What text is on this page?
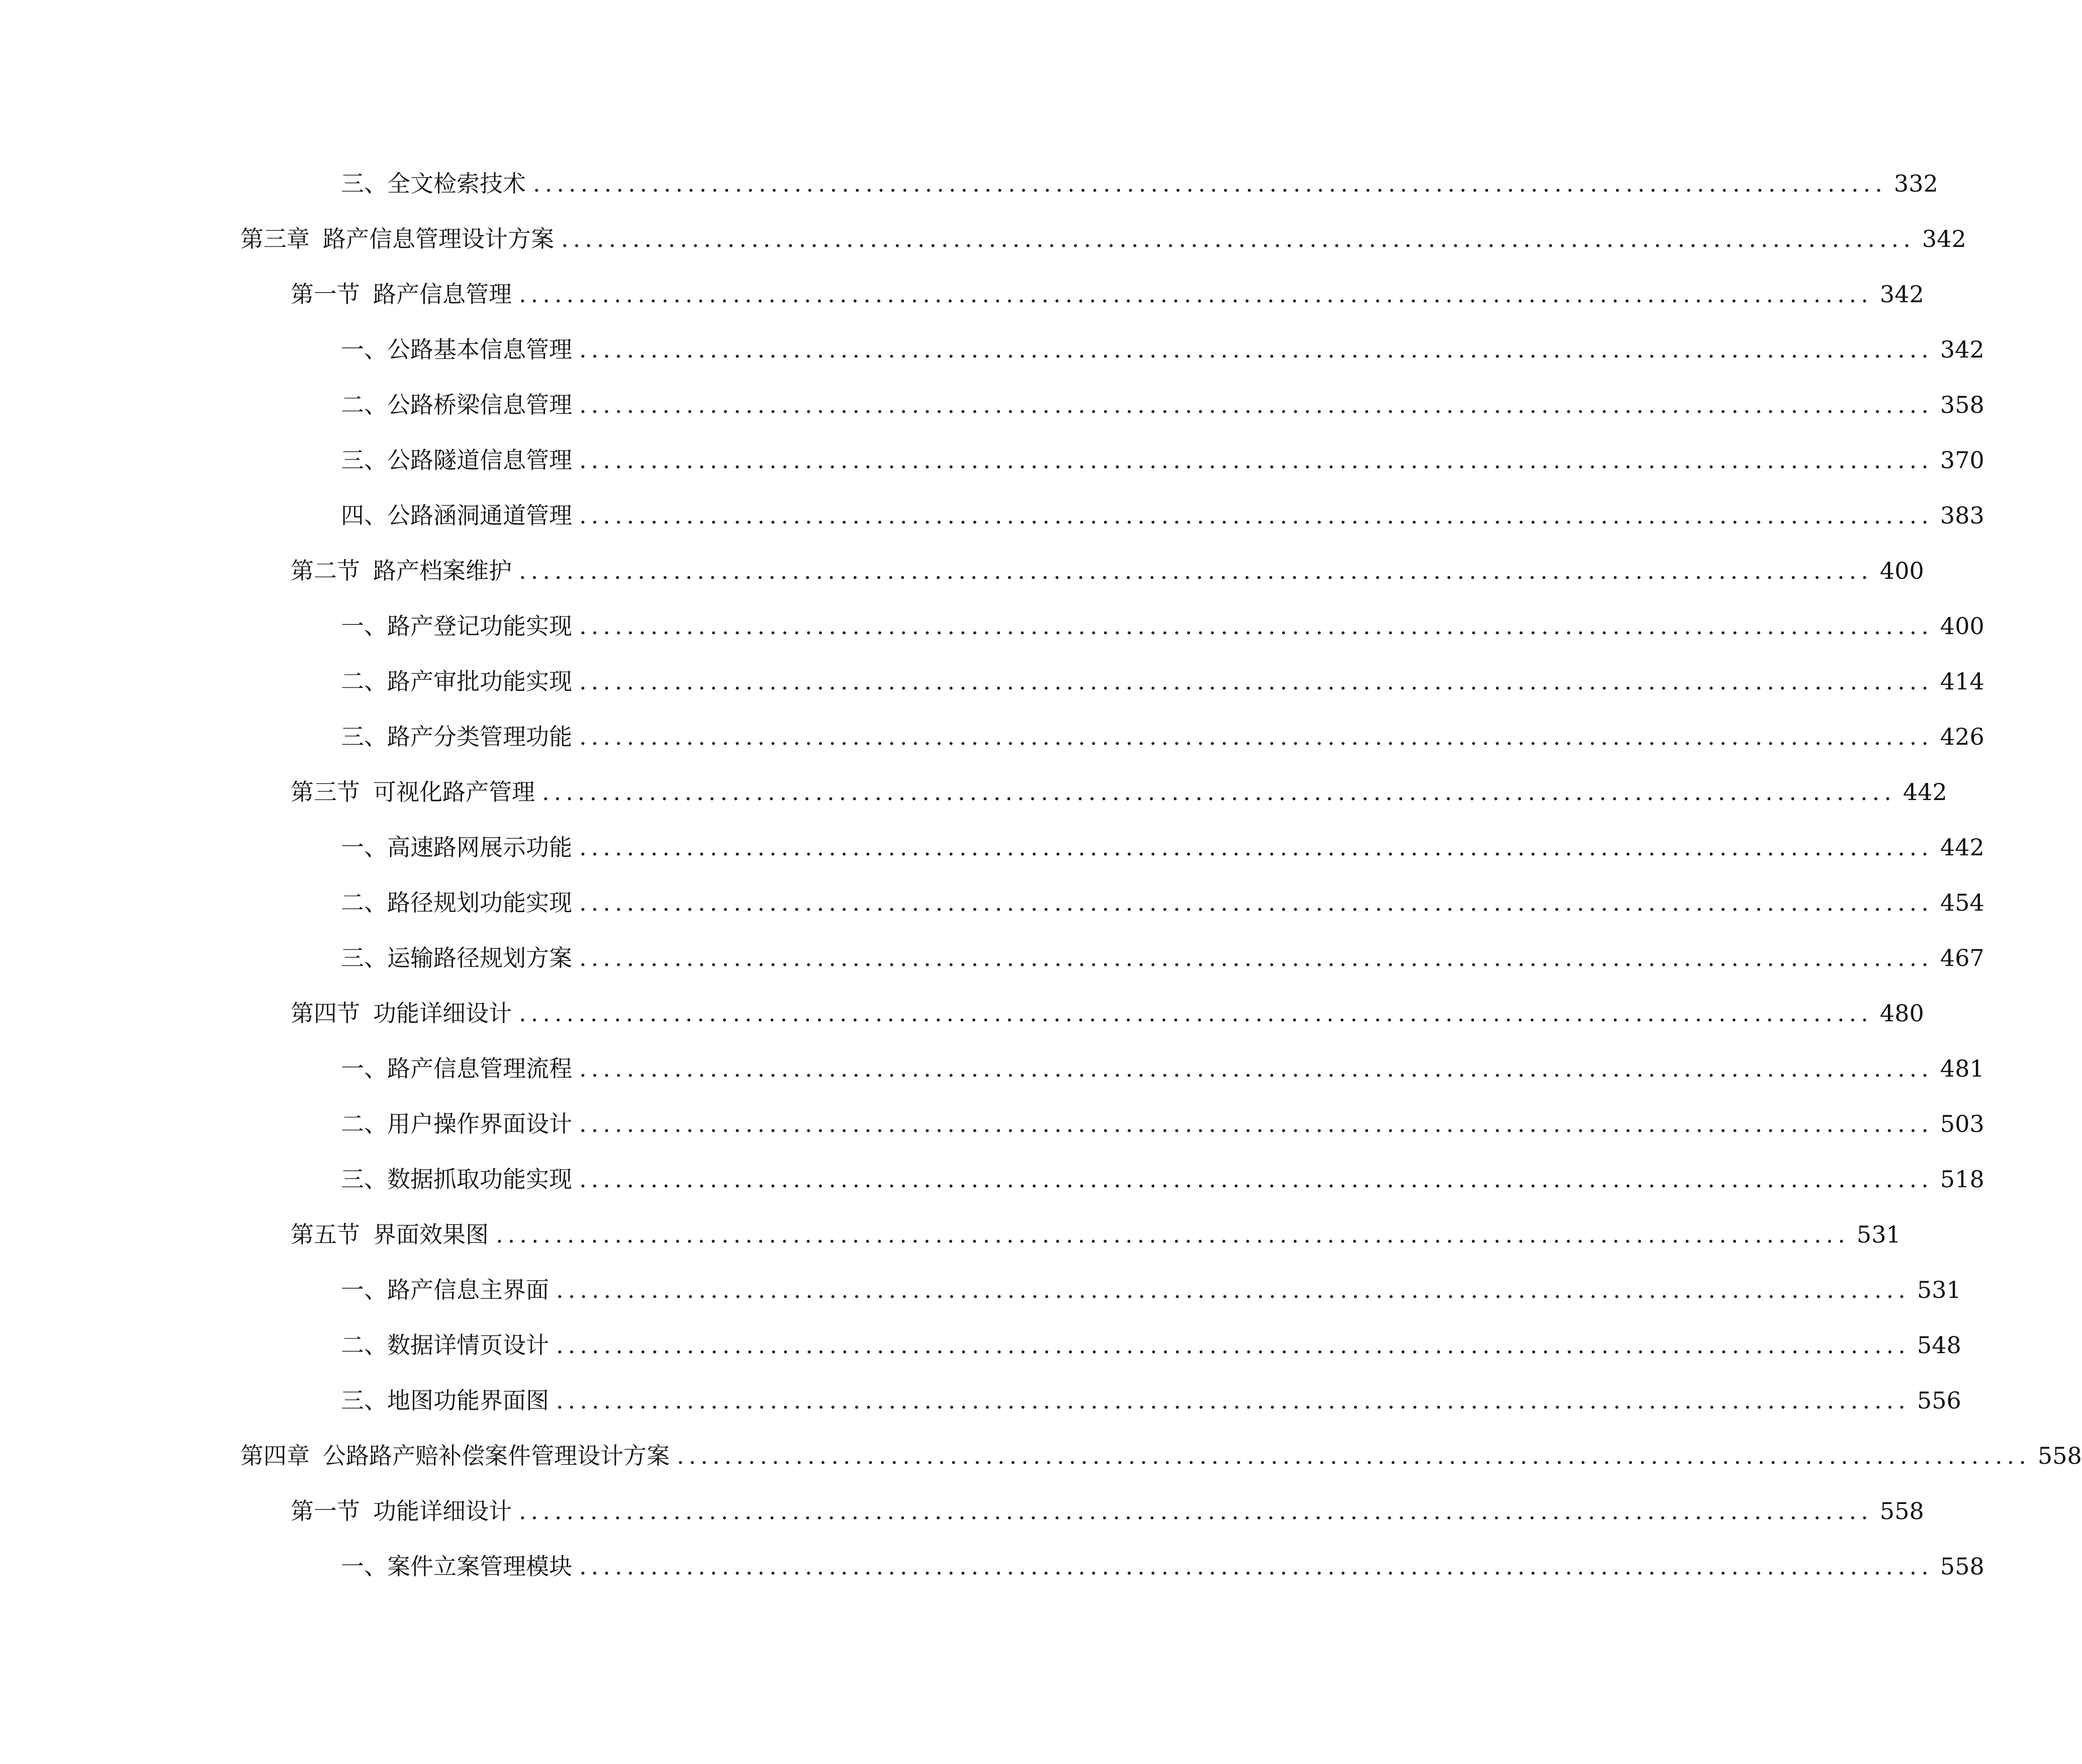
三、 全文检索技术 .................................................................................................................. 332
第三章 路产信息管理设计方案 .................................................................................................................. 342
第一节 路产信息管理 .................................................................................................................. 342
一、 公路基本信息管理 .................................................................................................................. 342
二、 公路桥梁信息管理 .................................................................................................................. 358
三、 公路隧道信息管理 .................................................................................................................. 370
四、 公路涵洞通道管理 .................................................................................................................. 383
第二节 路产档案维护 .................................................................................................................. 400
一、 路产登记功能实现 .................................................................................................................. 400
二、 路产审批功能实现 .................................................................................................................. 414
三、 路产分类管理功能 .................................................................................................................. 426
第三节 可视化路产管理 .................................................................................................................. 442
一、 高速路网展示功能 .................................................................................................................. 442
二、 路径规划功能实现 .................................................................................................................. 454
三、 运输路径规划方案 .................................................................................................................. 467
第四节 功能详细设计 .................................................................................................................. 480
一、 路产信息管理流程 .................................................................................................................. 481
二、 用户操作界面设计 .................................................................................................................. 503
三、 数据抓取功能实现 .................................................................................................................. 518
第五节 界面效果图 .................................................................................................................. 531
一、 路产信息主界面 .................................................................................................................. 531
二、 数据详情页设计 .................................................................................................................. 548
三、 地图功能界面图 .................................................................................................................. 556
第四章 公路路产赔补偿案件管理设计方案 .................................................................................................................. 558
第一节 功能详细设计 .................................................................................................................. 558
一、 案件立案管理模块 .................................................................................................................. 558
